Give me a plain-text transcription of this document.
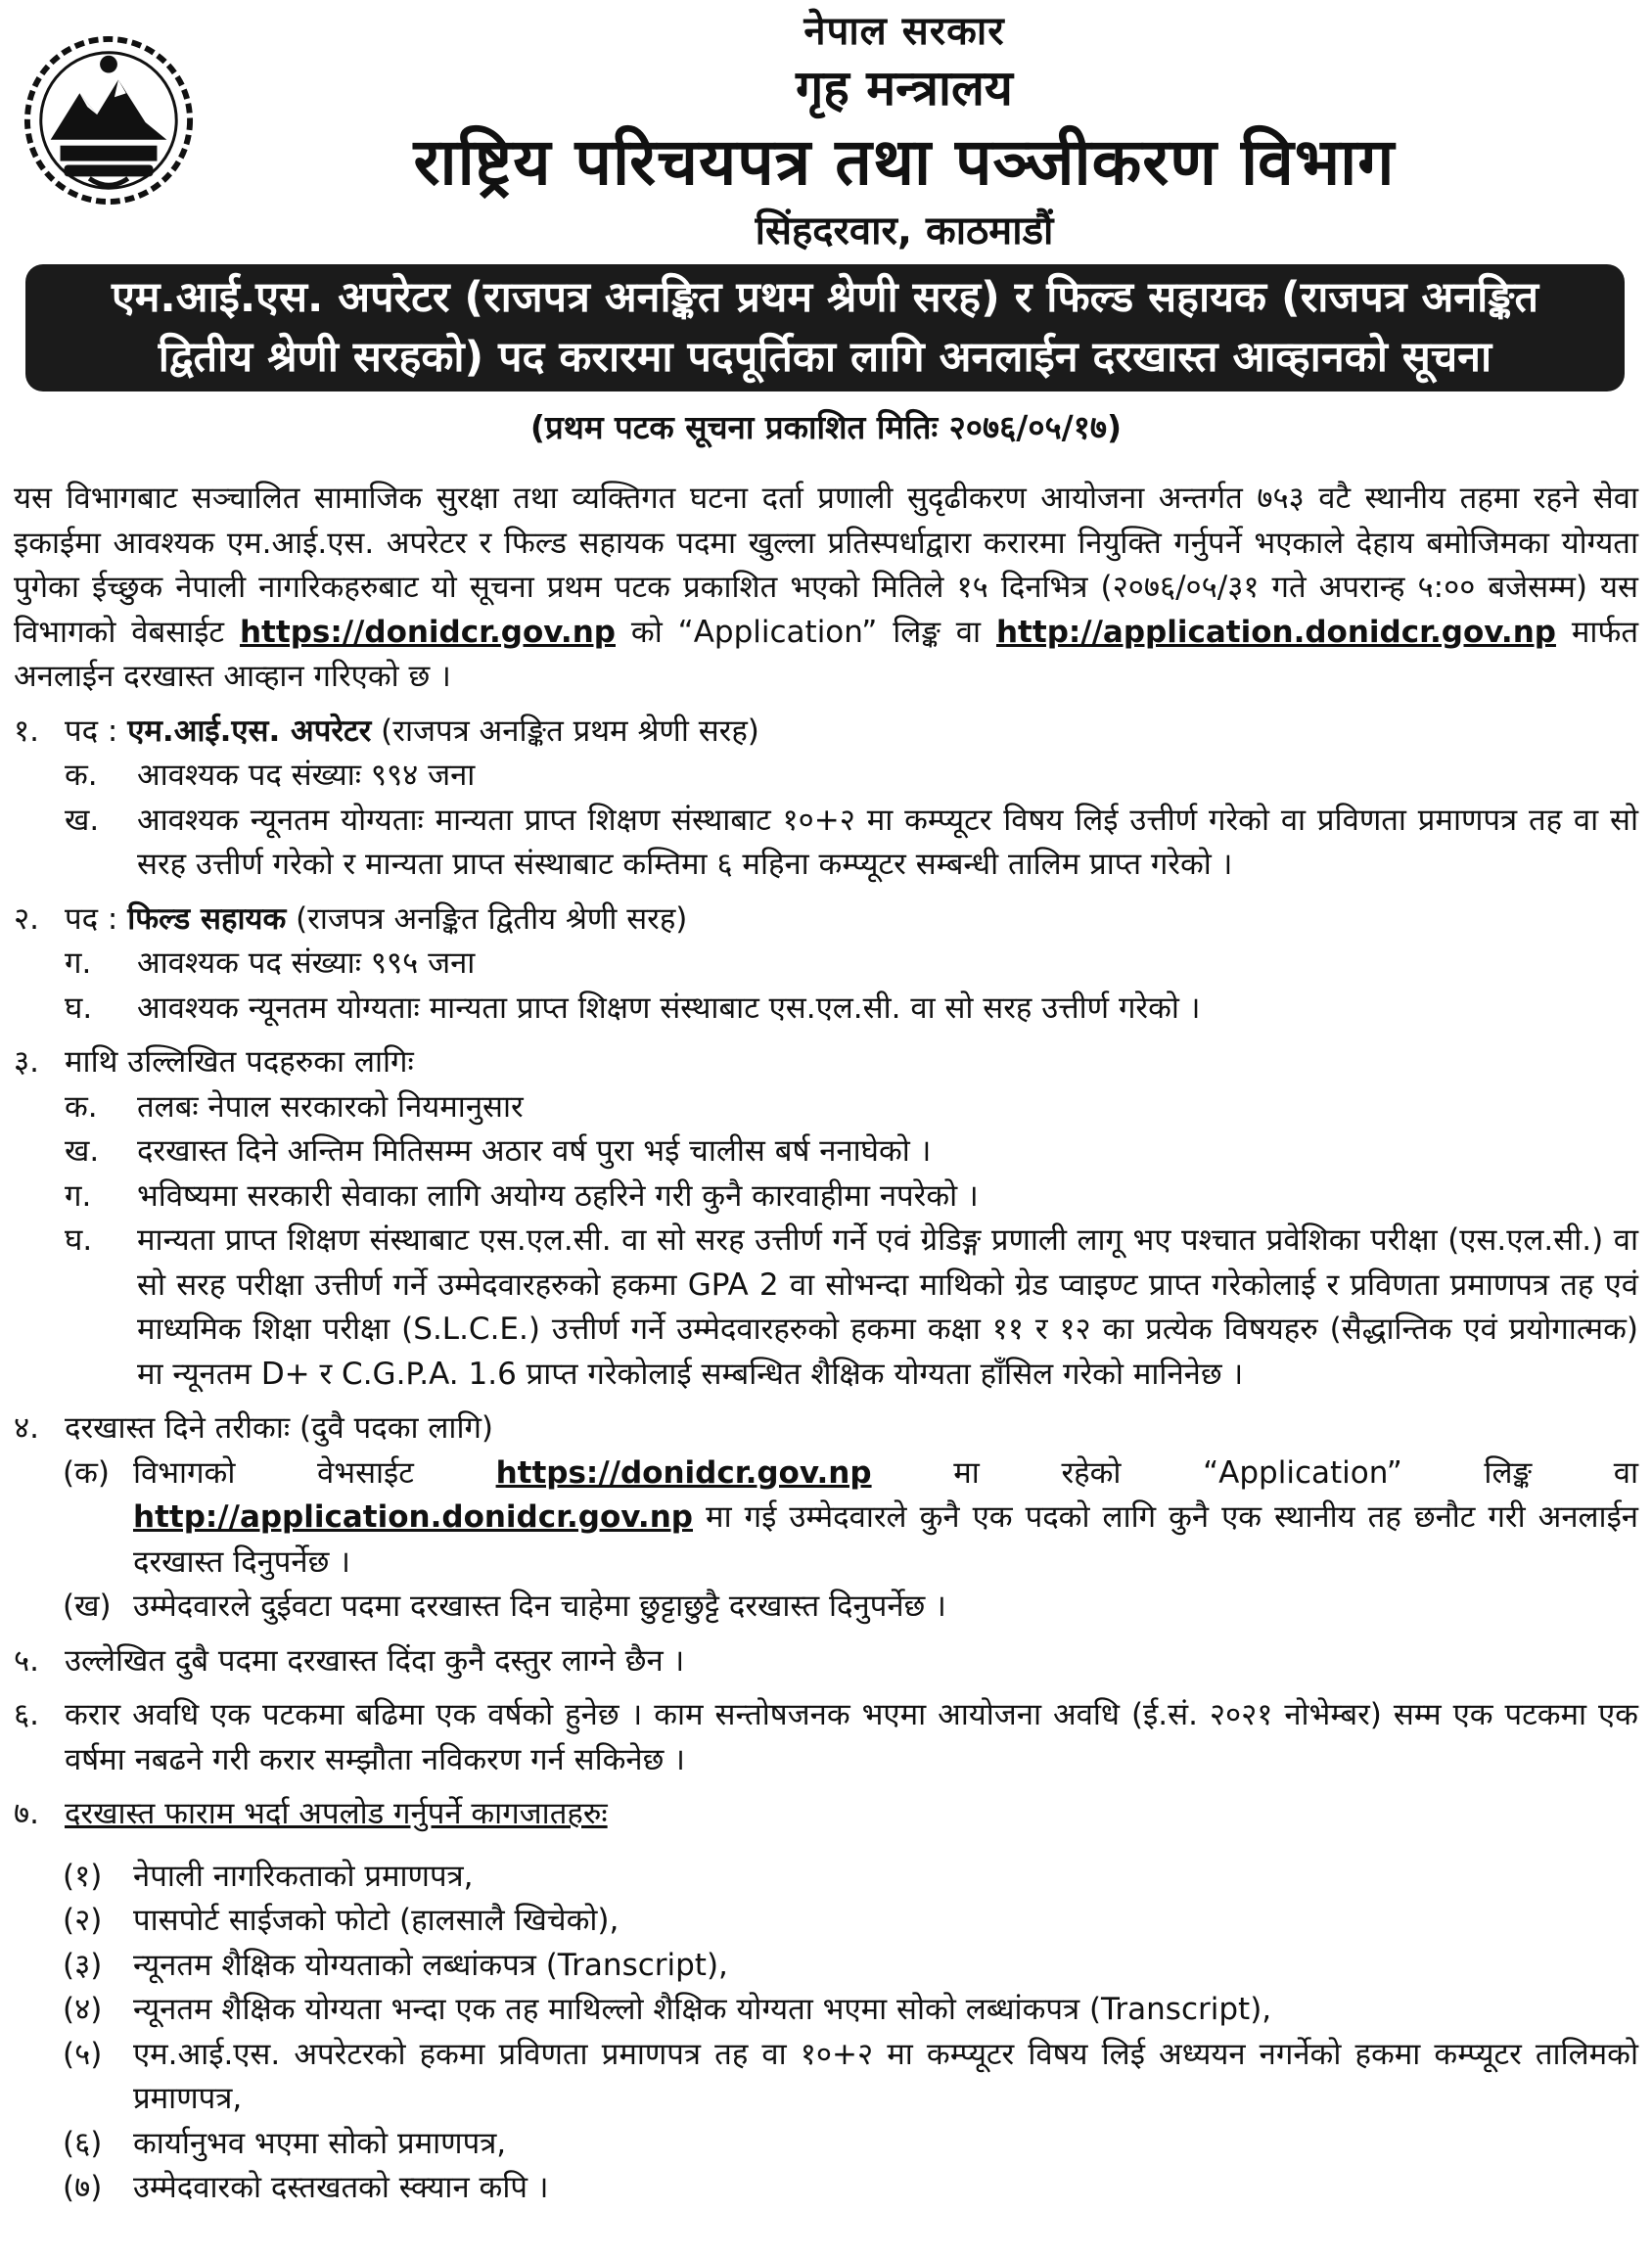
नेपाल सरकार
गृह मन्त्रालय
राष्ट्रिय परिचयपत्र तथा पञ्जीकरण विभाग
सिंहदरवार, काठमाडौं
एम.आई.एस. अपरेटर (राजपत्र अनङ्कित प्रथम श्रेणी सरह) र फिल्ड सहायक (राजपत्र अनङ्कित
द्वितीय श्रेणी सरहको) पद करारमा पदपूर्तिका लागि अनलाईन दरखास्त आव्हानको सूचना
(प्रथम पटक सूचना प्रकाशित मितिः २०७६/०५/१७)

यस विभागबाट सञ्चालित सामाजिक सुरक्षा तथा व्यक्तिगत घटना दर्ता प्रणाली सुदृढीकरण आयोजना अन्तर्गत ७५३ वटै स्थानीय तहमा रहने सेवा इकाईमा आवश्यक एम.आई.एस. अपरेटर र फिल्ड सहायक पदमा खुल्ला प्रतिस्पर्धाद्वारा करारमा नियुक्ति गर्नुपर्ने भएकाले देहाय बमोजिमका योग्यता पुगेका ईच्छुक नेपाली नागरिकहरुबाट यो सूचना प्रथम पटक प्रकाशित भएको मितिले १५ दिनभित्र (२०७६/०५/३१ गते अपरान्ह ५:०० बजेसम्म) यस विभागको वेबसाईट https://donidcr.gov.np को “Application” लिङ्क वा http://application.donidcr.gov.np मार्फत अनलाईन दरखास्त आव्हान गरिएको छ ।

१. पद : एम.आई.एस. अपरेटर (राजपत्र अनङ्कित प्रथम श्रेणी सरह)
क.	आवश्यक पद संख्याः ९९४ जना
ख.	आवश्यक न्यूनतम योग्यताः मान्यता प्राप्त शिक्षण संस्थाबाट १०+२ मा कम्प्यूटर विषय लिई उत्तीर्ण गरेको वा प्रविणता प्रमाणपत्र तह वा सो सरह उत्तीर्ण गरेको र मान्यता प्राप्त संस्थाबाट कम्तिमा ६ महिना कम्प्यूटर सम्बन्धी तालिम प्राप्त गरेको ।
२. पद : फिल्ड सहायक (राजपत्र अनङ्कित द्वितीय श्रेणी सरह)
ग.	आवश्यक पद संख्याः ९९५ जना
घ.	आवश्यक न्यूनतम योग्यताः मान्यता प्राप्त शिक्षण संस्थाबाट एस.एल.सी. वा सो सरह उत्तीर्ण गरेको ।
३. माथि उल्लिखित पदहरुका लागिः
क.	तलबः नेपाल सरकारको नियमानुसार
ख.	दरखास्त दिने अन्तिम मितिसम्म अठार वर्ष पुरा भई चालीस बर्ष ननाघेको ।
ग.	भविष्यमा सरकारी सेवाका लागि अयोग्य ठहरिने गरी कुनै कारवाहीमा नपरेको ।
घ.	मान्यता प्राप्त शिक्षण संस्थाबाट एस.एल.सी. वा सो सरह उत्तीर्ण गर्ने एवं ग्रेडिङ्ग प्रणाली लागू भए पश्चात प्रवेशिका परीक्षा (एस.एल.सी.) वा सो सरह परीक्षा उत्तीर्ण गर्ने उम्मेदवारहरुको हकमा GPA 2 वा सोभन्दा माथिको ग्रेड प्वाइण्ट प्राप्त गरेकोलाई र प्रविणता प्रमाणपत्र तह एवं माध्यमिक शिक्षा परीक्षा (S.L.C.E.) उत्तीर्ण गर्ने उम्मेदवारहरुको हकमा कक्षा ११ र १२ का प्रत्येक विषयहरु (सैद्धान्तिक एवं प्रयोगात्मक) मा न्यूनतम D+ र C.G.P.A. 1.6 प्राप्त गरेकोलाई सम्बन्धित शैक्षिक योग्यता हाँसिल गरेको मानिनेछ ।
४. दरखास्त दिने तरीकाः (दुवै पदका लागि)
(क) विभागको वेभसाईट	https://donidcr.gov.np	मा रहेको “Application” लिङ्क वा http://application.donidcr.gov.np मा गई उम्मेदवारले कुनै एक पदको लागि कुनै एक स्थानीय तह छनौट गरी अनलाईन दरखास्त दिनुपर्नेछ ।
(ख) उम्मेदवारले दुईवटा पदमा दरखास्त दिन चाहेमा छुट्टाछुट्टै दरखास्त दिनुपर्नेछ ।
५. उल्लेखित दुबै पदमा दरखास्त दिंदा कुनै दस्तुर लाग्ने छैन ।
६. करार अवधि एक पटकमा बढिमा एक वर्षको हुनेछ । काम सन्तोषजनक भएमा आयोजना अवधि (ई.सं. २०२१ नोभेम्बर) सम्म एक पटकमा एक वर्षमा नबढने गरी करार सम्झौता नविकरण गर्न सकिनेछ ।
७. दरखास्त फाराम भर्दा अपलोड गर्नुपर्ने कागजातहरुः
(१)	नेपाली नागरिकताको प्रमाणपत्र,
(२)	पासपोर्ट साईजको फोटो (हालसालै खिचेको),
(३)	न्यूनतम शैक्षिक योग्यताको लब्धांकपत्र (Transcript),
(४)	न्यूनतम शैक्षिक योग्यता भन्दा एक तह माथिल्लो शैक्षिक योग्यता भएमा सोको लब्धांकपत्र (Transcript),
(५)	एम.आई.एस. अपरेटरको हकमा प्रविणता प्रमाणपत्र तह वा १०+२ मा कम्प्यूटर विषय लिई अध्ययन नगर्नेको हकमा कम्प्यूटर तालिमको प्रमाणपत्र,
(६)	कार्यानुभव भएमा सोको प्रमाणपत्र,
(७)	उम्मेदवारको दस्तखतको स्क्यान कपि ।
